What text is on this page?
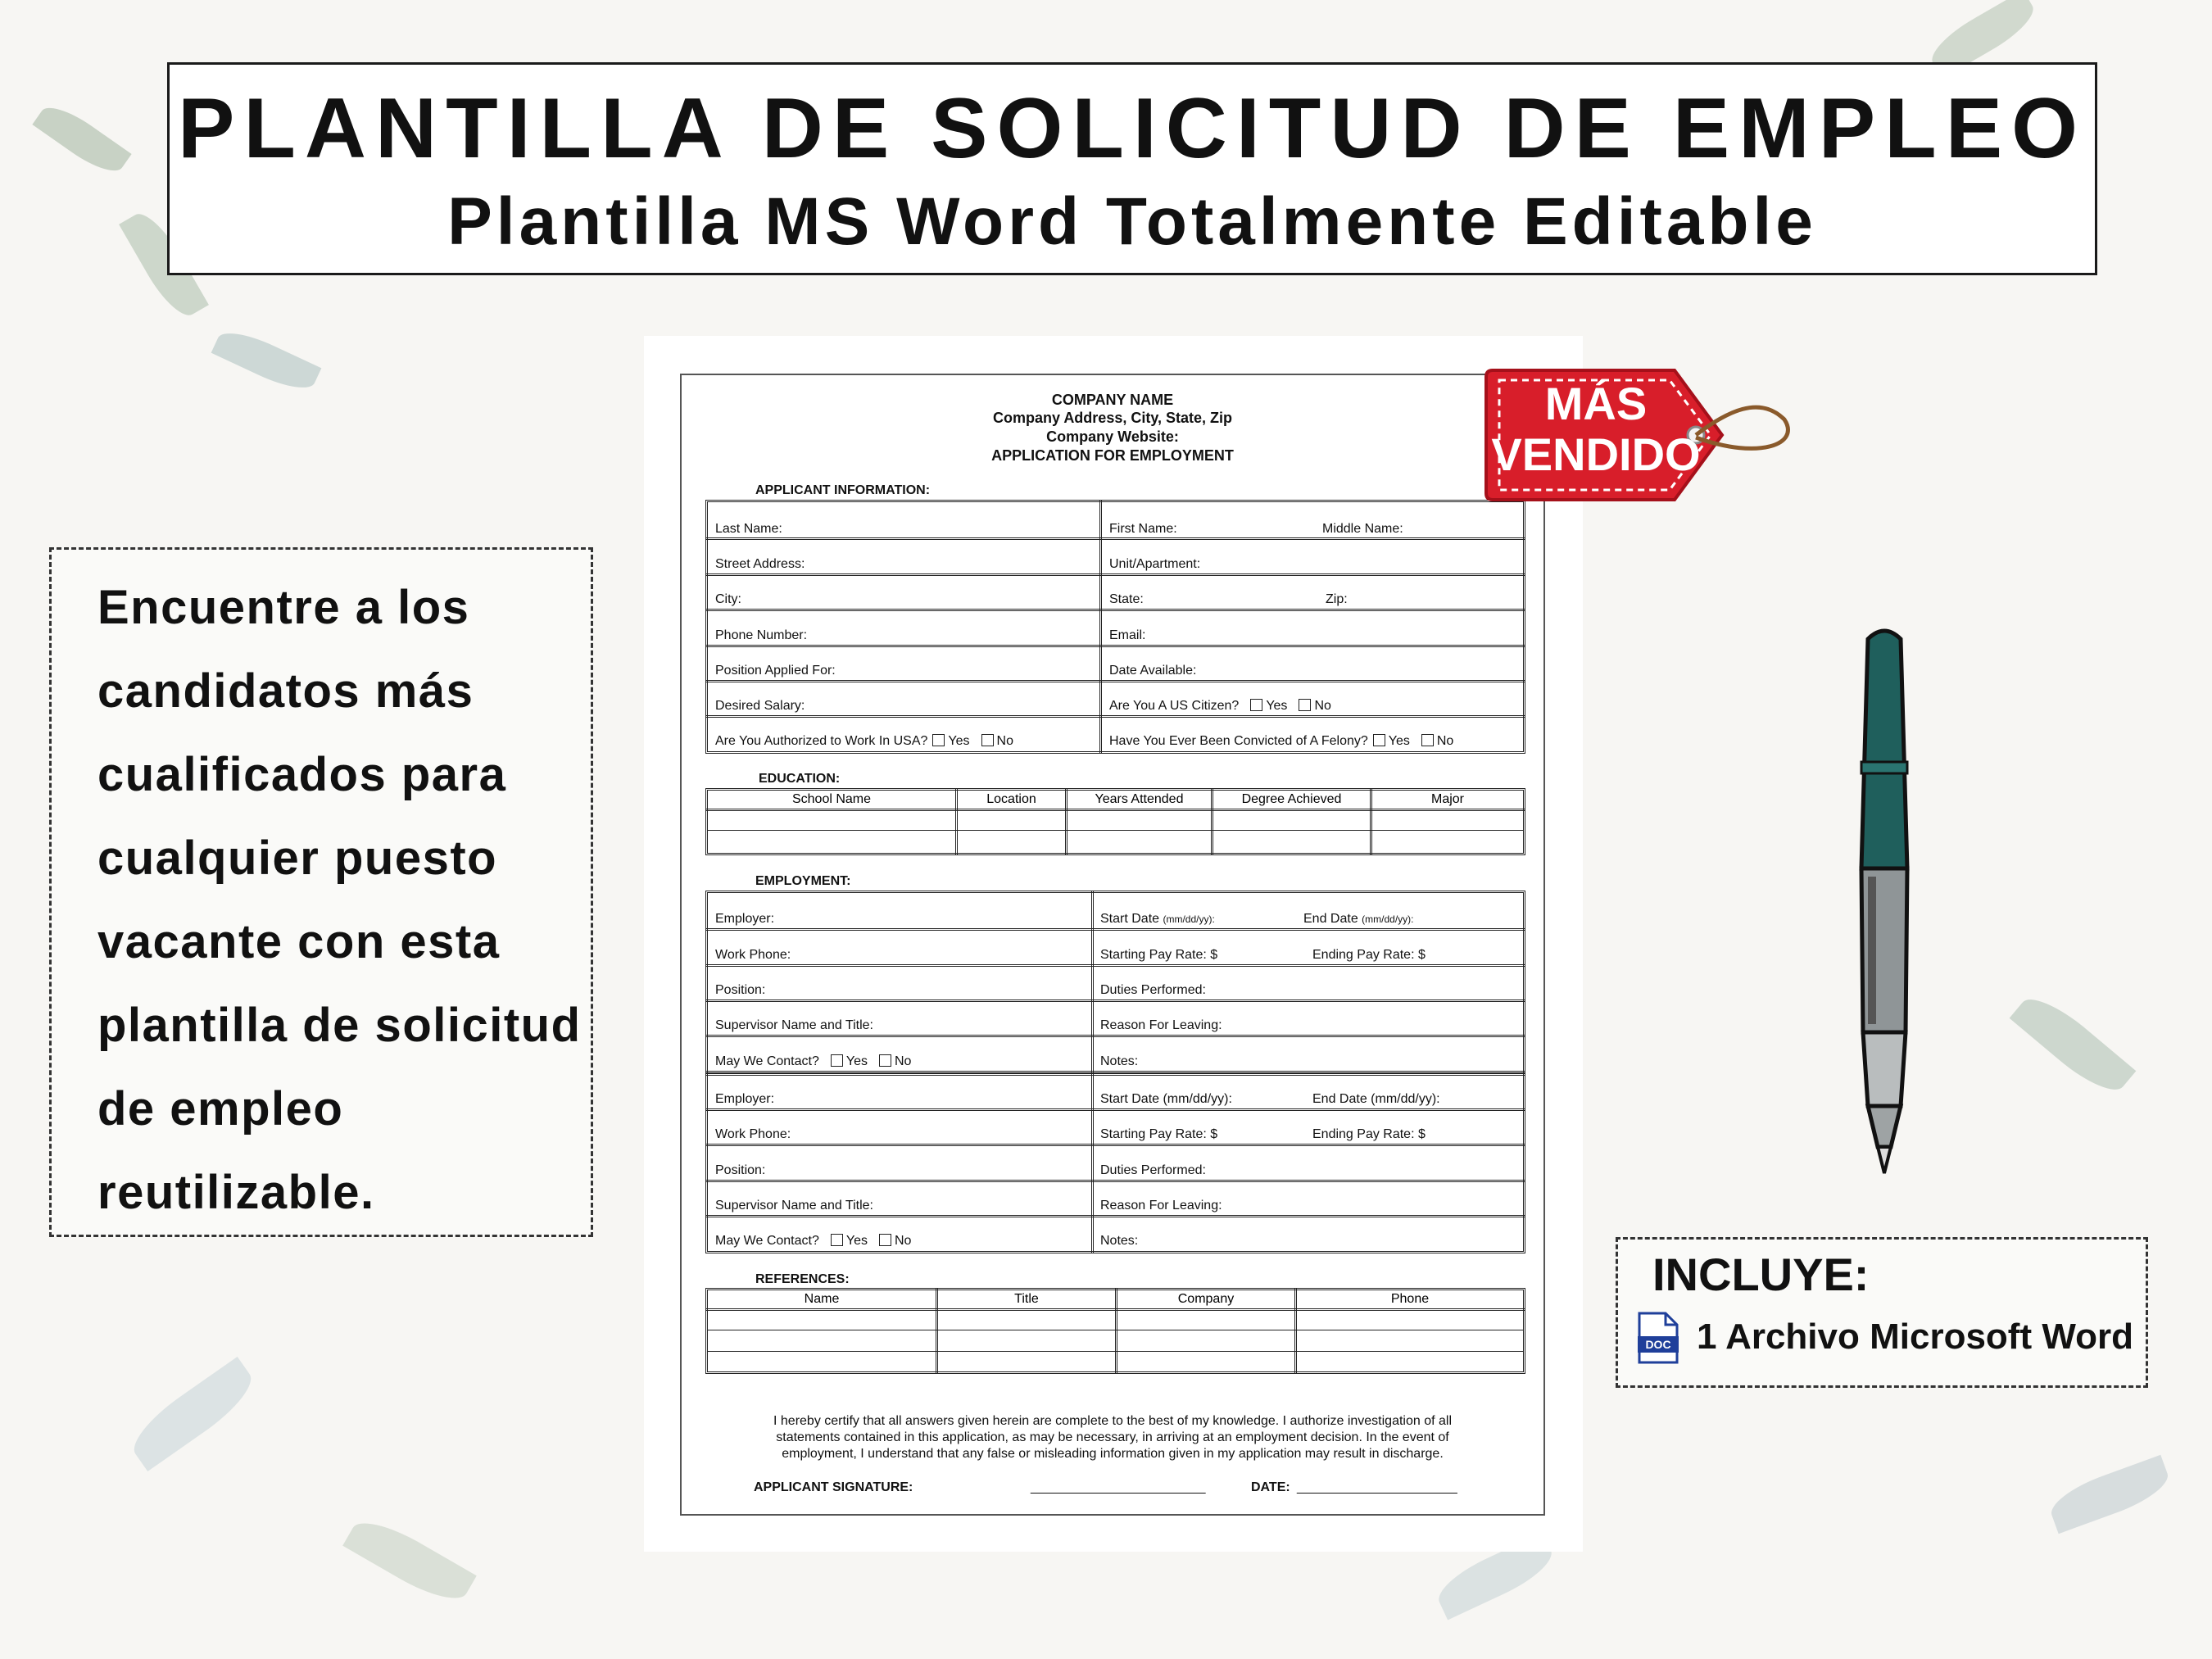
PLANTILLA DE SOLICITUD DE EMPLEO
Plantilla MS Word Totalmente Editable
Encuentre a los candidatos más cualificados para cualquier puesto vacante con esta plantilla de solicitud de empleo reutilizable.
COMPANY NAME
Company Address, City, State, Zip
Company Website:
APPLICATION FOR EMPLOYMENT
APPLICANT INFORMATION:
Last Name:	First Name:	Middle Name:
Street Address:	Unit/Apartment:
City:	State:	Zip:
Phone Number:	Email:
Position Applied For:	Date Available:
Desired Salary:	Are You A US Citizen? Yes No
Are You Authorized to Work In USA? Yes No	Have You Ever Been Convicted of A Felony? Yes No
EDUCATION:
School Name	Location	Years Attended	Degree Achieved	Major
EMPLOYMENT:
Employer:	Start Date (mm/dd/yy):	End Date (mm/dd/yy):
Work Phone:	Starting Pay Rate: $	Ending Pay Rate: $
Position:	Duties Performed:
Supervisor Name and Title:	Reason For Leaving:
May We Contact? Yes No	Notes:
Employer:	Start Date (mm/dd/yy):	End Date (mm/dd/yy):
Work Phone:	Starting Pay Rate: $	Ending Pay Rate: $
Position:	Duties Performed:
Supervisor Name and Title:	Reason For Leaving:
May We Contact? Yes No	Notes:
REFERENCES:
Name	Title	Company	Phone
I hereby certify that all answers given herein are complete to the best of my knowledge. I authorize investigation of all
statements contained in this application, as may be necessary, in arriving at an employment decision. In the event of
employment, I understand that any false or misleading information given in my application may result in discharge.
APPLICANT SIGNATURE:	________________________	DATE: ______________________
MÁS
VENDIDO
INCLUYE:
DOC 1 Archivo Microsoft Word
